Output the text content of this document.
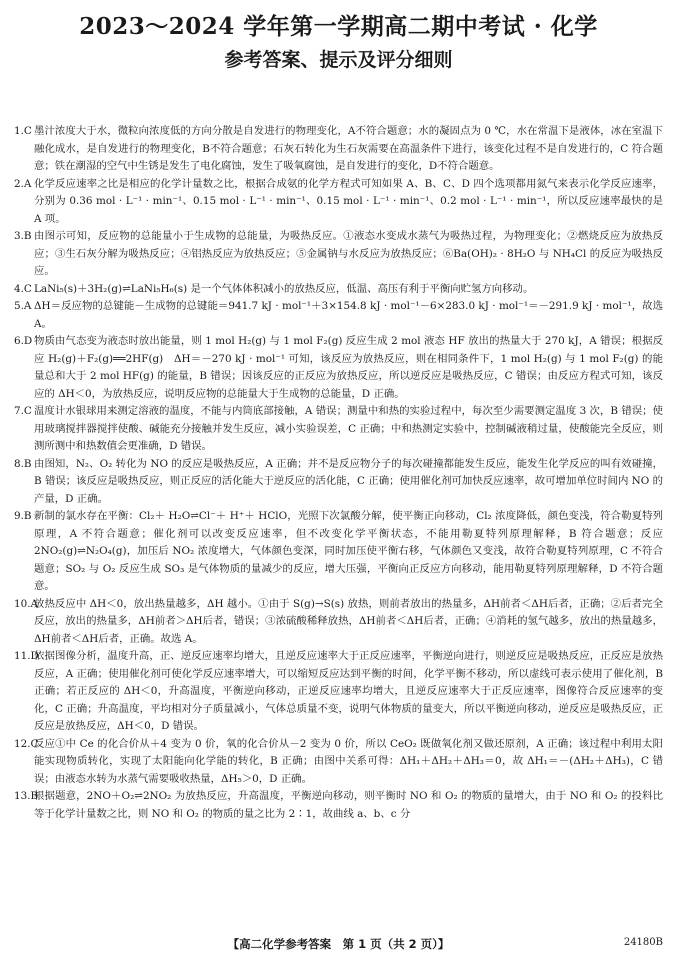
2023～2024 学年第一学期高二期中考试 · 化学
参考答案、提示及评分细则
1.C 墨汁浓度大于水，微粒向浓度低的方向分散是自发进行的物理变化，A不符合题意；水的凝固点为 0 ℃，水在常温下是液体，冰在室温下融化成水，是自发进行的物理变化，B不符合题意；石灰石转化为生石灰需要在高温条件下进行，该变化过程不是自发进行的，C 符合题意；铁在潮湿的空气中生锈是发生了电化腐蚀，发生了吸氧腐蚀，是自发进行的变化，D不符合题意。
2.A 化学反应速率之比是相应的化学计量数之比，根据合成氨的化学方程式可知如果 A、B、C、D 四个选项都用氮气来表示化学反应速率，分别为 0.36 mol · L⁻¹ · min⁻¹、0.15 mol · L⁻¹ · min⁻¹、0.15 mol · L⁻¹ · min⁻¹、0.2 mol · L⁻¹ · min⁻¹，所以反应速率最快的是 A 项。
3.B 由图示可知，反应物的总能量小于生成物的总能量，为吸热反应。①液态水变成水蒸气为吸热过程，为物理变化；②燃烧反应为放热反应；③生石灰分解为吸热反应；④铝热反应为放热反应；⑤金属钠与水反应为放热反应；⑥Ba(OH)₂ · 8H₂O 与 NH₄Cl 的反应为吸热反应。
4.C LaNi₅(s)＋3H₂(g)⇌LaNi₅H₆(s) 是一个气体体积减小的放热反应，低温、高压有利于平衡向贮氢方向移动。
5.A ΔH＝反应物的总键能－生成物的总键能＝941.7 kJ · mol⁻¹＋3×154.8 kJ · mol⁻¹－6×283.0 kJ · mol⁻¹＝－291.9 kJ · mol⁻¹，故选 A。
6.D 物质由气态变为液态时放出能量，则 1 mol H₂(g) 与 1 mol F₂(g) 反应生成 2 mol 液态 HF 放出的热量大于 270 kJ，A 错误；根据反应 H₂(g)＋F₂(g)══2HF(g)　ΔH＝－270 kJ · mol⁻¹ 可知，该反应为放热反应，则在相同条件下，1 mol H₂(g) 与 1 mol F₂(g) 的能量总和大于 2 mol HF(g) 的能量，B 错误；因该反应的正反应为放热反应，所以逆反应是吸热反应，C 错误；由反应方程式可知，该反应的 ΔH＜0，为放热反应，说明反应物的总能量大于生成物的总能量，D 正确。
7.C 温度计水银球用来测定溶液的温度，不能与内筒底部接触，A 错误；测量中和热的实验过程中，每次至少需要测定温度 3 次，B 错误；使用玻璃搅拌器搅拌使酸、碱能充分接触并发生反应，减小实验误差，C 正确；中和热测定实验中，控制碱液稍过量，使酸能完全反应，则测所测中和热数值会更准确，D 错误。
8.B 由图知，N₂、O₂ 转化为 NO 的反应是吸热反应，A 正确；并不是反应物分子的每次碰撞都能发生反应，能发生化学反应的叫有效碰撞，B 错误；该反应是吸热反应，则正反应的活化能大于逆反应的活化能，C 正确；使用催化剂可加快反应速率，故可增加单位时间内 NO 的产量，D 正确。
9.B 新制的氯水存在平衡：Cl₂＋ H₂O⇌Cl⁻＋ H⁺＋ HClO，光照下次氯酸分解，使平衡正向移动，Cl₂ 浓度降低，颜色变浅，符合勒夏特列原理，A 不符合题意；催化剂可以改变反应速率，但不改变化学平衡状态，不能用勒夏特列原理解释，B 符合题意；反应 2NO₂(g)⇌N₂O₄(g)，加压后 NO₂ 浓度增大，气体颜色变深，同时加压使平衡右移，气体颜色又变浅，故符合勒夏特列原理，C 不符合题意；SO₂ 与 O₂ 反应生成 SO₃ 是气体物质的量减少的反应，增大压强，平衡向正反应方向移动，能用勒夏特列原理解释，D 不符合题意。
10.A
放热反应中 ΔH＜0，放出热量越多，ΔH 越小。①由于 S(g)→S(s) 放热，则前者放出的热量多，ΔH前者＜ΔH后者，正确；②后者完全反应，放出的热量多，ΔH前者＞ΔH后者，错误；③浓硫酸稀释放热，ΔH前者＜ΔH后者，正确；④消耗的氢气越多，放出的热量越多，ΔH前者＜ΔH后者，正确。故选 A。
11.D
依据图像分析，温度升高，正、逆反应速率均增大，且逆反应速率大于正反应速率，平衡逆向进行，则逆反应是吸热反应，正反应是放热反应，A 正确；使用催化剂可使化学反应速率增大，可以缩短反应达到平衡的时间，化学平衡不移动，所以虚线可表示使用了催化剂，B 正确；若正反应的 ΔH＜0，升高温度，平衡逆向移动，正逆反应速率均增大，且逆反应速率大于正反应速率，图像符合反应速率的变化，C 正确；升高温度，平均相对分子质量减小，气体总质量不变，说明气体物质的量变大，所以平衡逆向移动，逆反应是吸热反应，正反应是放热反应，ΔH＜0，D 错误。
12.C
反应①中 Ce 的化合价从＋4 变为 0 价，氧的化合价从－2 变为 0 价，所以 CeO₂ 既做氧化剂又做还原剂，A 正确；该过程中利用太阳能实现物质转化，实现了太阳能向化学能的转化，B 正确；由图中关系可得：ΔH₁＋ΔH₂＋ΔH₃＝0，故 ΔH₁＝－(ΔH₂＋ΔH₃)，C 错误；由液态水转为水蒸气需要吸收热量，ΔH₅＞0，D 正确。
13.B
根据题意，2NO＋O₂⇌2NO₂ 为放热反应，升高温度，平衡逆向移动，则平衡时 NO 和 O₂ 的物质的量增大，由于 NO 和 O₂ 的投料比等于化学计量数之比，则 NO 和 O₂ 的物质的量之比为 2∶1，故曲线 a、b、c 分
【高二化学参考答案　第 1 页（共 2 页）】	24180B
